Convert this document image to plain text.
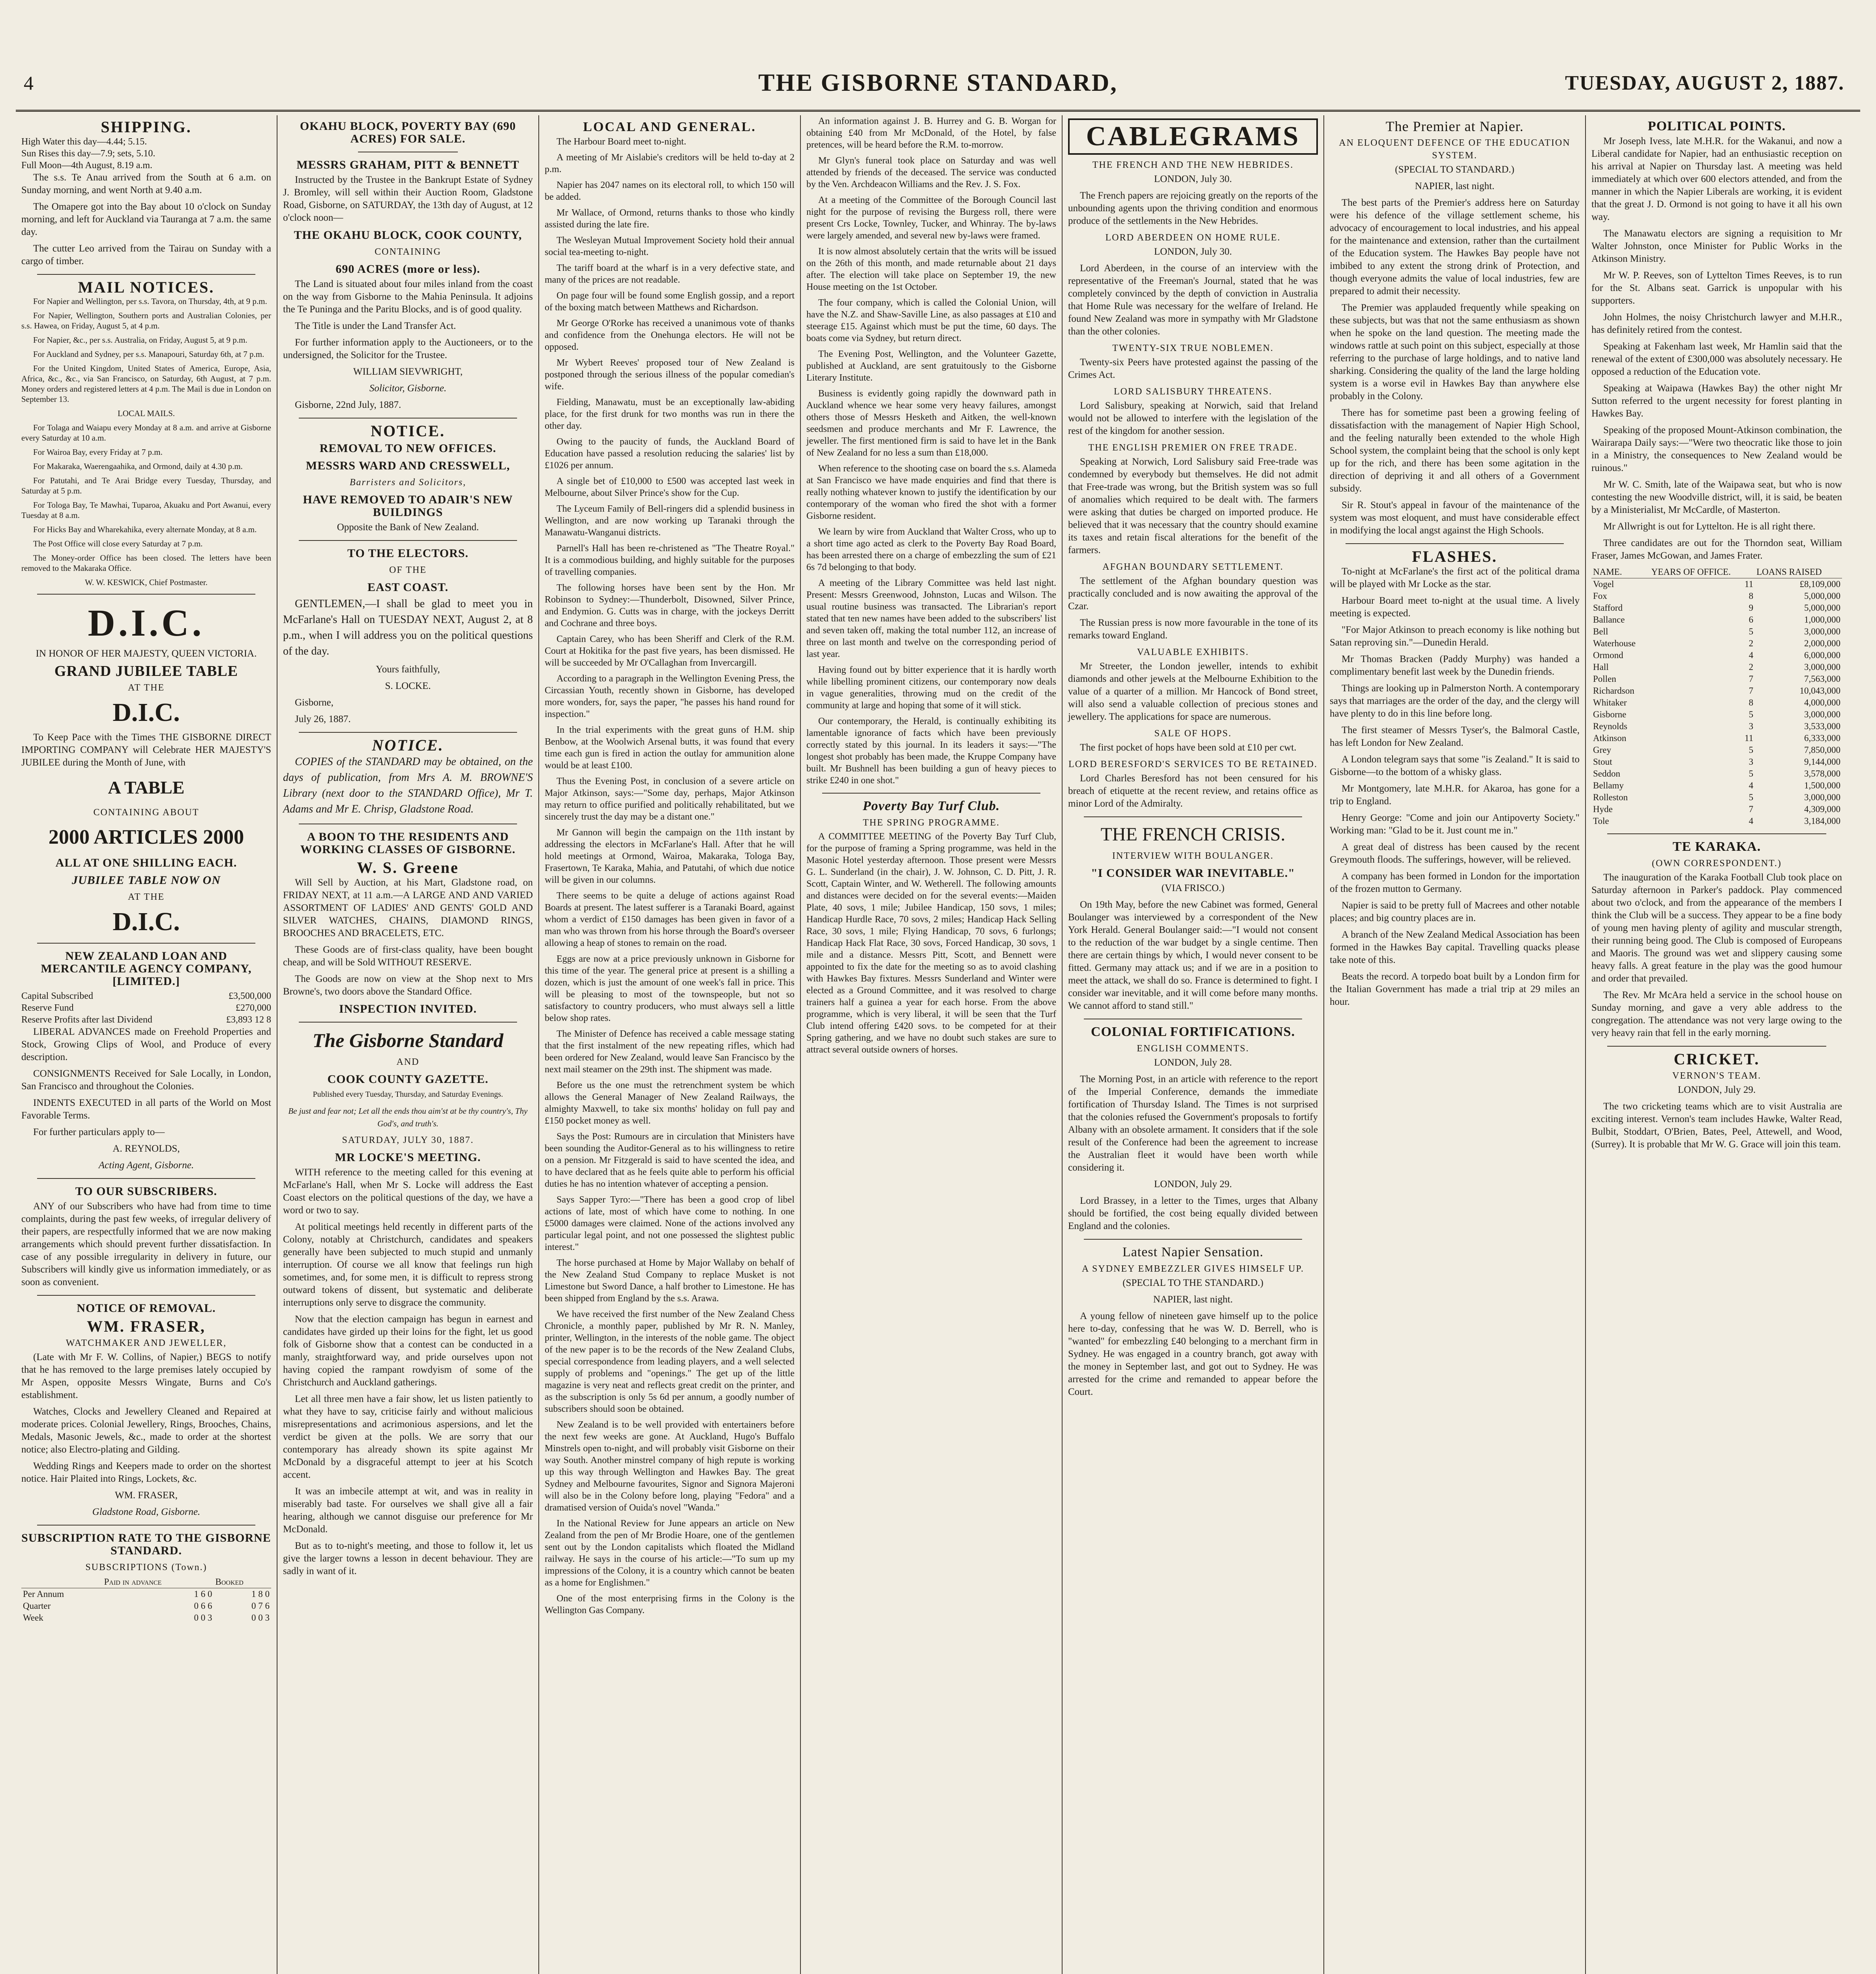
4	THE GISBORNE STANDARD,	TUESDAY, AUGUST 2, 1887.
SHIPPING.
High Water this day—4.44; 5.15.
Sun Rises this day—7.9; sets, 5.10.
Full Moon—4th August, 8.19 a.m.

The s.s. Te Anau arrived from the South at 6 a.m. on Sunday morning, and went North at 9.40 a.m.

The Omapere got into the Bay about 10 o'clock on Sunday morning, and left for Auckland via Tauranga at 7 a.m. the same day.

The cutter Leo arrived from the Tairau on Sunday with a cargo of timber.

MAIL NOTICES.

For Napier and Wellington, per s.s. Tavora, on Thursday, 4th, at 9 p.m.

For Napier, Wellington, Southern ports and Australian Colonies, per s.s. Hawea, on Friday, August 5, at 4 p.m.

For Napier, &c., per s.s. Australia, on Friday, August 5, at 9 p.m.

For Auckland and Sydney, per s.s. Manapouri, Saturday 6th, at 7 p.m.

For the United Kingdom, United States of America, Europe, Asia, Africa, &c., &c., via San Francisco, on Saturday, 6th August, at 7 p.m. Money orders and registered letters at 4 p.m. The Mail is due in London on September 13.

LOCAL MAILS.

For Tolaga and Waiapu every Monday at 8 a.m. and arrive at Gisborne every Saturday at 10 a.m.

For Wairoa Bay, every Friday at 7 p.m.

For Makaraka, Waerengaahika, and Ormond, daily at 4.30 p.m.

For Patutahi, and Te Arai Bridge every Tuesday, Thursday, and Saturday at 5 p.m.

For Tologa Bay, Te Mawhai, Tuparoa, Akuaku and Port Awanui, every Tuesday at 8 a.m.

For Hicks Bay and Wharekahika, every alternate Monday, at 8 a.m.

The Post Office will close every Saturday at 7 p.m.

The Money-order Office has been closed. The letters have been removed to the Makaraka Office.

W. W. KESWICK, Chief Postmaster.

D.I.C.

IN HONOR OF HER MAJESTY, QUEEN VICTORIA.

GRAND JUBILEE TABLE
AT THE
D.I.C.

To Keep Pace with the Times THE GISBORNE DIRECT IMPORTING COMPANY will Celebrate HER MAJESTY'S JUBILEE during the Month of June, with

A TABLE
CONTAINING ABOUT
2000 ARTICLES 2000
ALL AT ONE SHILLING EACH.
JUBILEE TABLE NOW ON
AT THE
D.I.C.
NEW ZEALAND LOAN AND MERCANTILE AGENCY COMPANY, [LIMITED.]
Capital Subscribed	£3,500,000
Reserve Fund	£270,000
Reserve Profits after last Dividend	£3,893 12 8

LIBERAL ADVANCES made on Freehold Properties and Stock, Growing Clips of Wool, and Produce of every description.

CONSIGNMENTS Received for Sale Locally, in London, San Francisco and throughout the Colonies.

INDENTS EXECUTED in all parts of the World on Most Favorable Terms.

For further particulars apply to—

A. REYNOLDS,

Acting Agent, Gisborne.

TO OUR SUBSCRIBERS.

ANY of our Subscribers who have had from time to time complaints, during the past few weeks, of irregular delivery of their papers, are respectfully informed that we are now making arrangements which should prevent further dissatisfaction. In case of any possible irregularity in delivery in future, our Subscribers will kindly give us information immediately, or as soon as convenient.

NOTICE OF REMOVAL.
WM. FRASER,
WATCHMAKER AND JEWELLER,

(Late with Mr F. W. Collins, of Napier,) BEGS to notify that he has removed to the large premises lately occupied by Mr Aspen, opposite Messrs Wingate, Burns and Co's establishment.

Watches, Clocks and Jewellery Cleaned and Repaired at moderate prices. Colonial Jewellery, Rings, Brooches, Chains, Medals, Masonic Jewels, &c., made to order at the shortest notice; also Electro-plating and Gilding.

Wedding Rings and Keepers made to order on the shortest notice. Hair Plaited into Rings, Lockets, &c.

WM. FRASER,

Gladstone Road, Gisborne.

SUBSCRIPTION RATE TO THE GISBORNE STANDARD.
SUBSCRIPTIONS (Town.)
	Paid in advance	Booked
Per Annum	1 6 0	1 8 0
Quarter	0 6 6	0 7 6
Week	0 0 3	0 0 3
OKAHU BLOCK, POVERTY BAY (690 ACRES) FOR SALE.
MESSRS GRAHAM, PITT & BENNETT

Instructed by the Trustee in the Bankrupt Estate of Sydney J. Bromley, will sell within their Auction Room, Gladstone Road, Gisborne, on SATURDAY, the 13th day of August, at 12 o'clock noon—

THE OKAHU BLOCK, COOK COUNTY,
CONTAINING
690 ACRES (more or less).

The Land is situated about four miles inland from the coast on the way from Gisborne to the Mahia Peninsula. It adjoins the Te Puninga and the Paritu Blocks, and is of good quality.

The Title is under the Land Transfer Act.

For further information apply to the Auctioneers, or to the undersigned, the Solicitor for the Trustee.

WILLIAM SIEVWRIGHT,

Solicitor, Gisborne.

Gisborne, 22nd July, 1887.

NOTICE.
REMOVAL TO NEW OFFICES.
MESSRS WARD AND CRESSWELL,
Barristers and Solicitors,
HAVE REMOVED TO ADAIR'S NEW BUILDINGS

Opposite the Bank of New Zealand.

TO THE ELECTORS.
OF THE
EAST COAST.

GENTLEMEN,—I shall be glad to meet you in McFarlane's Hall on TUESDAY NEXT, August 2, at 8 p.m., when I will address you on the political questions of the day.

Yours faithfully,

S. LOCKE.

Gisborne,

July 26, 1887.

NOTICE.

COPIES of the STANDARD may be obtained, on the days of publication, from Mrs A. M. BROWNE'S Library (next door to the STANDARD Office), Mr T. Adams and Mr E. Chrisp, Gladstone Road.

A BOON TO THE RESIDENTS AND WORKING CLASSES OF GISBORNE.
W. S. Greene

Will Sell by Auction, at his Mart, Gladstone road, on FRIDAY NEXT, at 11 a.m.—A LARGE AND AND VARIED ASSORTMENT OF LADIES' AND GENTS' GOLD AND SILVER WATCHES, CHAINS, DIAMOND RINGS, BROOCHES AND BRACELETS, ETC.

These Goods are of first-class quality, have been bought cheap, and will be Sold WITHOUT RESERVE.

The Goods are now on view at the Shop next to Mrs Browne's, two doors above the Standard Office.

INSPECTION INVITED.
The Gisborne Standard
AND
COOK COUNTY GAZETTE.

Published every Tuesday, Thursday, and Saturday Evenings.

Be just and fear not; Let all the ends thou aim'st at be thy country's, Thy God's, and truth's.

SATURDAY, JULY 30, 1887.
MR LOCKE'S MEETING.

WITH reference to the meeting called for this evening at McFarlane's Hall, when Mr S. Locke will address the East Coast electors on the political questions of the day, we have a word or two to say.

At political meetings held recently in different parts of the Colony, notably at Christchurch, candidates and speakers generally have been subjected to much stupid and unmanly interruption. Of course we all know that feelings run high sometimes, and, for some men, it is difficult to repress strong outward tokens of dissent, but systematic and deliberate interruptions only serve to disgrace the community.

Now that the election campaign has begun in earnest and candidates have girded up their loins for the fight, let us good folk of Gisborne show that a contest can be conducted in a manly, straightforward way, and pride ourselves upon not having copied the rampant rowdyism of some of the Christchurch and Auckland gatherings.

Let all three men have a fair show, let us listen patiently to what they have to say, criticise fairly and without malicious misrepresentations and acrimonious aspersions, and let the verdict be given at the polls. We are sorry that our contemporary has already shown its spite against Mr McDonald by a disgraceful attempt to jeer at his Scotch accent.

It was an imbecile attempt at wit, and was in reality in miserably bad taste. For ourselves we shall give all a fair hearing, although we cannot disguise our preference for Mr McDonald.

But as to to-night's meeting, and those to follow it, let us give the larger towns a lesson in decent behaviour. They are sadly in want of it.

LOCAL AND GENERAL.

The Harbour Board meet to-night.

A meeting of Mr Aislabie's creditors will be held to-day at 2 p.m.

Napier has 2047 names on its electoral roll, to which 150 will be added.

Mr Wallace, of Ormond, returns thanks to those who kindly assisted during the late fire.

The Wesleyan Mutual Improvement Society hold their annual social tea-meeting to-night.

The tariff board at the wharf is in a very defective state, and many of the prices are not readable.

On page four will be found some English gossip, and a report of the boxing match between Matthews and Richardson.

Mr George O'Rorke has received a unanimous vote of thanks and confidence from the Onehunga electors. He will not be opposed.

Mr Wybert Reeves' proposed tour of New Zealand is postponed through the serious illness of the popular comedian's wife.

Fielding, Manawatu, must be an exceptionally law-abiding place, for the first drunk for two months was run in there the other day.

Owing to the paucity of funds, the Auckland Board of Education have passed a resolution reducing the salaries' list by £1026 per annum.

A single bet of £10,000 to £500 was accepted last week in Melbourne, about Silver Prince's show for the Cup.

The Lyceum Family of Bell-ringers did a splendid business in Wellington, and are now working up Taranaki through the Manawatu-Wanganui districts.

Parnell's Hall has been re-christened as "The Theatre Royal." It is a commodious building, and highly suitable for the purposes of travelling companies.

The following horses have been sent by the Hon. Mr Robinson to Sydney:—Thunderbolt, Disowned, Silver Prince, and Endymion. G. Cutts was in charge, with the jockeys Derritt and Cochrane and three boys.

Captain Carey, who has been Sheriff and Clerk of the R.M. Court at Hokitika for the past five years, has been dismissed. He will be succeeded by Mr O'Callaghan from Invercargill.

According to a paragraph in the Wellington Evening Press, the Circassian Youth, recently shown in Gisborne, has developed more wonders, for, says the paper, "he passes his hand round for inspection."

In the trial experiments with the great guns of H.M. ship Benbow, at the Woolwich Arsenal butts, it was found that every time each gun is fired in action the outlay for ammunition alone would be at least £100.

Thus the Evening Post, in conclusion of a severe article on Major Atkinson, says:—"Some day, perhaps, Major Atkinson may return to office purified and politically rehabilitated, but we sincerely trust the day may be a distant one."

Mr Gannon will begin the campaign on the 11th instant by addressing the electors in McFarlane's Hall. After that he will hold meetings at Ormond, Wairoa, Makaraka, Tologa Bay, Frasertown, Te Karaka, Mahia, and Patutahi, of which due notice will be given in our columns.

There seems to be quite a deluge of actions against Road Boards at present. The latest sufferer is a Taranaki Board, against whom a verdict of £150 damages has been given in favor of a man who was thrown from his horse through the Board's overseer allowing a heap of stones to remain on the road.

Eggs are now at a price previously unknown in Gisborne for this time of the year. The general price at present is a shilling a dozen, which is just the amount of one week's fall in price. This will be pleasing to most of the townspeople, but not so satisfactory to country producers, who must always sell a little below shop rates.

The Minister of Defence has received a cable message stating that the first instalment of the new repeating rifles, which had been ordered for New Zealand, would leave San Francisco by the next mail steamer on the 29th inst. The shipment was made.

Before us the one must the retrenchment system be which allows the General Manager of New Zealand Railways, the almighty Maxwell, to take six months' holiday on full pay and £150 pocket money as well.

Says the Post: Rumours are in circulation that Ministers have been sounding the Auditor-General as to his willingness to retire on a pension. Mr Fitzgerald is said to have scented the idea, and to have declared that as he feels quite able to perform his official duties he has no intention whatever of accepting a pension.

Says Sapper Tyro:—"There has been a good crop of libel actions of late, most of which have come to nothing. In one £5000 damages were claimed. None of the actions involved any particular legal point, and not one possessed the slightest public interest."

The horse purchased at Home by Major Wallaby on behalf of the New Zealand Stud Company to replace Musket is not Limestone but Sword Dance, a half brother to Limestone. He has been shipped from England by the s.s. Arawa.

We have received the first number of the New Zealand Chess Chronicle, a monthly paper, published by Mr R. N. Manley, printer, Wellington, in the interests of the noble game. The object of the new paper is to be the records of the New Zealand Clubs, special correspondence from leading players, and a well selected supply of problems and "openings." The get up of the little magazine is very neat and reflects great credit on the printer, and as the subscription is only 5s 6d per annum, a goodly number of subscribers should soon be obtained.

New Zealand is to be well provided with entertainers before the next few weeks are gone. At Auckland, Hugo's Buffalo Minstrels open to-night, and will probably visit Gisborne on their way South. Another minstrel company of high repute is working up this way through Wellington and Hawkes Bay. The great Sydney and Melbourne favourites, Signor and Signora Majeroni will also be in the Colony before long, playing "Fedora" and a dramatised version of Ouida's novel "Wanda."

In the National Review for June appears an article on New Zealand from the pen of Mr Brodie Hoare, one of the gentlemen sent out by the London capitalists which floated the Midland railway. He says in the course of his article:—"To sum up my impressions of the Colony, it is a country which cannot be beaten as a home for Englishmen."

One of the most enterprising firms in the Colony is the Wellington Gas Company.

An information against J. B. Hurrey and G. B. Worgan for obtaining £40 from Mr McDonald, of the Hotel, by false pretences, will be heard before the R.M. to-morrow.

Mr Glyn's funeral took place on Saturday and was well attended by friends of the deceased. The service was conducted by the Ven. Archdeacon Williams and the Rev. J. S. Fox.

At a meeting of the Committee of the Borough Council last night for the purpose of revising the Burgess roll, there were present Crs Locke, Townley, Tucker, and Whinray. The by-laws were largely amended, and several new by-laws were framed.

It is now almost absolutely certain that the writs will be issued on the 26th of this month, and made returnable about 21 days after. The election will take place on September 19, the new House meeting on the 1st October.

The four company, which is called the Colonial Union, will have the N.Z. and Shaw-Saville Line, as also passages at £10 and steerage £15. Against which must be put the time, 60 days. The boats come via Sydney, but return direct.

The Evening Post, Wellington, and the Volunteer Gazette, published at Auckland, are sent gratuitously to the Gisborne Literary Institute.

Business is evidently going rapidly the downward path in Auckland whence we hear some very heavy failures, amongst others those of Messrs Hesketh and Aitken, the well-known seedsmen and produce merchants and Mr F. Lawrence, the jeweller. The first mentioned firm is said to have let in the Bank of New Zealand for no less a sum than £18,000.

When reference to the shooting case on board the s.s. Alameda at San Francisco we have made enquiries and find that there is really nothing whatever known to justify the identification by our contemporary of the woman who fired the shot with a former Gisborne resident.

We learn by wire from Auckland that Walter Cross, who up to a short time ago acted as clerk to the Poverty Bay Road Board, has been arrested there on a charge of embezzling the sum of £21 6s 7d belonging to that body.

A meeting of the Library Committee was held last night. Present: Messrs Greenwood, Johnston, Lucas and Wilson. The usual routine business was transacted. The Librarian's report stated that ten new names have been added to the subscribers' list and seven taken off, making the total number 112, an increase of three on last month and twelve on the corresponding period of last year.

Having found out by bitter experience that it is hardly worth while libelling prominent citizens, our contemporary now deals in vague generalities, throwing mud on the credit of the community at large and hoping that some of it will stick.

Our contemporary, the Herald, is continually exhibiting its lamentable ignorance of facts which have been previously correctly stated by this journal. In its leaders it says:—"The longest shot probably has been made, the Kruppe Company have built. Mr Bushnell has been building a gun of heavy pieces to strike £240 in one shot."

Poverty Bay Turf Club.
THE SPRING PROGRAMME.

A COMMITTEE MEETING of the Poverty Bay Turf Club, for the purpose of framing a Spring programme, was held in the Masonic Hotel yesterday afternoon. Those present were Messrs G. L. Sunderland (in the chair), J. W. Johnson, C. D. Pitt, J. R. Scott, Captain Winter, and W. Wetherell. The following amounts and distances were decided on for the several events:—Maiden Plate, 40 sovs, 1 mile; Jubilee Handicap, 150 sovs, 1 miles; Handicap Hurdle Race, 70 sovs, 2 miles; Handicap Hack Selling Race, 30 sovs, 1 mile; Flying Handicap, 70 sovs, 6 furlongs; Handicap Hack Flat Race, 30 sovs, Forced Handicap, 30 sovs, 1 mile and a distance. Messrs Pitt, Scott, and Bennett were appointed to fix the date for the meeting so as to avoid clashing with Hawkes Bay fixtures. Messrs Sunderland and Winter were elected as a Ground Committee, and it was resolved to charge trainers half a guinea a year for each horse. From the above programme, which is very liberal, it will be seen that the Turf Club intend offering £420 sovs. to be competed for at their Spring gathering, and we have no doubt such stakes are sure to attract several outside owners of horses.

CABLEGRAMS
THE FRENCH AND THE NEW HEBRIDES.

LONDON, July 30.

The French papers are rejoicing greatly on the reports of the unbounding agents upon the thriving condition and enormous produce of the settlements in the New Hebrides.

LORD ABERDEEN ON HOME RULE.

LONDON, July 30.

Lord Aberdeen, in the course of an interview with the representative of the Freeman's Journal, stated that he was completely convinced by the depth of conviction in Australia that Home Rule was necessary for the welfare of Ireland. He found New Zealand was more in sympathy with Mr Gladstone than the other colonies.

TWENTY-SIX TRUE NOBLEMEN.

Twenty-six Peers have protested against the passing of the Crimes Act.

LORD SALISBURY THREATENS.

Lord Salisbury, speaking at Norwich, said that Ireland would not be allowed to interfere with the legislation of the rest of the kingdom for another session.

THE ENGLISH PREMIER ON FREE TRADE.

Speaking at Norwich, Lord Salisbury said Free-trade was condemned by everybody but themselves. He did not admit that Free-trade was wrong, but the British system was so full of anomalies which required to be dealt with. The farmers were asking that duties be charged on imported produce. He believed that it was necessary that the country should examine its taxes and retain fiscal alterations for the benefit of the farmers.

AFGHAN BOUNDARY SETTLEMENT.

The settlement of the Afghan boundary question was practically concluded and is now awaiting the approval of the Czar.

The Russian press is now more favourable in the tone of its remarks toward England.

VALUABLE EXHIBITS.

Mr Streeter, the London jeweller, intends to exhibit diamonds and other jewels at the Melbourne Exhibition to the value of a quarter of a million. Mr Hancock of Bond street, will also send a valuable collection of precious stones and jewellery. The applications for space are numerous.

SALE OF HOPS.

The first pocket of hops have been sold at £10 per cwt.

LORD BERESFORD'S SERVICES TO BE RETAINED.

Lord Charles Beresford has not been censured for his breach of etiquette at the recent review, and retains office as minor Lord of the Admiralty.

THE FRENCH CRISIS.
INTERVIEW WITH BOULANGER.
"I CONSIDER WAR INEVITABLE."

(VIA FRISCO.)

On 19th May, before the new Cabinet was formed, General Boulanger was interviewed by a correspondent of the New York Herald. General Boulanger said:—"I would not consent to the reduction of the war budget by a single centime. Then there are certain things by which, I would never consent to be fitted. Germany may attack us; and if we are in a position to meet the attack, we shall do so. France is determined to fight. I consider war inevitable, and it will come before many months. We cannot afford to stand still."

COLONIAL FORTIFICATIONS.
ENGLISH COMMENTS.

LONDON, July 28.

The Morning Post, in an article with reference to the report of the Imperial Conference, demands the immediate fortification of Thursday Island. The Times is not surprised that the colonies refused the Government's proposals to fortify Albany with an obsolete armament. It considers that if the sole result of the Conference had been the agreement to increase the Australian fleet it would have been worth while considering it.

LONDON, July 29.

Lord Brassey, in a letter to the Times, urges that Albany should be fortified, the cost being equally divided between England and the colonies.

Latest Napier Sensation.
A SYDNEY EMBEZZLER GIVES HIMSELF UP.

(SPECIAL TO THE STANDARD.)

NAPIER, last night.

A young fellow of nineteen gave himself up to the police here to-day, confessing that he was W. D. Berrell, who is "wanted" for embezzling £40 belonging to a merchant firm in Sydney. He was engaged in a country branch, got away with the money in September last, and got out to Sydney. He was arrested for the crime and remanded to appear before the Court.

The Premier at Napier.
AN ELOQUENT DEFENCE OF THE EDUCATION SYSTEM.

(SPECIAL TO STANDARD.)

NAPIER, last night.

The best parts of the Premier's address here on Saturday were his defence of the village settlement scheme, his advocacy of encouragement to local industries, and his appeal for the maintenance and extension, rather than the curtailment of the Education system. The Hawkes Bay people have not imbibed to any extent the strong drink of Protection, and though everyone admits the value of local industries, few are prepared to admit their necessity.

The Premier was applauded frequently while speaking on these subjects, but was that not the same enthusiasm as shown when he spoke on the land question. The meeting made the windows rattle at such point on this subject, especially at those referring to the purchase of large holdings, and to native land sharking. Considering the quality of the land the large holding system is a worse evil in Hawkes Bay than anywhere else probably in the Colony.

There has for sometime past been a growing feeling of dissatisfaction with the management of Napier High School, and the feeling naturally been extended to the whole High School system, the complaint being that the school is only kept up for the rich, and there has been some agitation in the direction of depriving it and all others of a Government subsidy.

Sir R. Stout's appeal in favour of the maintenance of the system was most eloquent, and must have considerable effect in modifying the local angst against the High Schools.

FLASHES.

To-night at McFarlane's the first act of the political drama will be played with Mr Locke as the star.

Harbour Board meet to-night at the usual time. A lively meeting is expected.

"For Major Atkinson to preach economy is like nothing but Satan reproving sin."—Dunedin Herald.

Mr Thomas Bracken (Paddy Murphy) was handed a complimentary benefit last week by the Dunedin friends.

Things are looking up in Palmerston North. A contemporary says that marriages are the order of the day, and the clergy will have plenty to do in this line before long.

The first steamer of Messrs Tyser's, the Balmoral Castle, has left London for New Zealand.

A London telegram says that some "is Zealand." It is said to Gisborne—to the bottom of a whisky glass.

Mr Montgomery, late M.H.R. for Akaroa, has gone for a trip to England.

Henry George: "Come and join our Antipoverty Society." Working man: "Glad to be it. Just count me in."

A great deal of distress has been caused by the recent Greymouth floods. The sufferings, however, will be relieved.

A company has been formed in London for the importation of the frozen mutton to Germany.

Napier is said to be pretty full of Macrees and other notable places; and big country places are in.

A branch of the New Zealand Medical Association has been formed in the Hawkes Bay capital. Travelling quacks please take note of this.

Beats the record. A torpedo boat built by a London firm for the Italian Government has made a trial trip at 29 miles an hour.

POLITICAL POINTS.

Mr Joseph Ivess, late M.H.R. for the Wakanui, and now a Liberal candidate for Napier, had an enthusiastic reception on his arrival at Napier on Thursday last. A meeting was held immediately at which over 600 electors attended, and from the manner in which the Napier Liberals are working, it is evident that the great J. D. Ormond is not going to have it all his own way.

The Manawatu electors are signing a requisition to Mr Walter Johnston, once Minister for Public Works in the Atkinson Ministry.

Mr W. P. Reeves, son of Lyttelton Times Reeves, is to run for the St. Albans seat. Garrick is unpopular with his supporters.

John Holmes, the noisy Christchurch lawyer and M.H.R., has definitely retired from the contest.

Speaking at Fakenham last week, Mr Hamlin said that the renewal of the extent of £300,000 was absolutely necessary. He opposed a reduction of the Education vote.

Speaking at Waipawa (Hawkes Bay) the other night Mr Sutton referred to the urgent necessity for forest planting in Hawkes Bay.

Speaking of the proposed Mount-Atkinson combination, the Wairarapa Daily says:—"Were two theocratic like those to join in a Ministry, the consequences to New Zealand would be ruinous."

Mr W. C. Smith, late of the Waipawa seat, but who is now contesting the new Woodville district, will, it is said, be beaten by a Ministerialist, Mr McCardle, of Masterton.

Mr Allwright is out for Lyttelton. He is all right there.

Three candidates are out for the Thorndon seat, William Fraser, James McGowan, and James Frater.

NAME.	YEARS OF OFFICE.	LOANS RAISED
Vogel	11	£8,109,000
Fox	8	5,000,000
Stafford	9	5,000,000
Ballance	6	1,000,000
Bell	5	3,000,000
Waterhouse	2	2,000,000
Ormond	4	6,000,000
Hall	2	3,000,000
Pollen	7	7,563,000
Richardson	7	10,043,000
Whitaker	8	4,000,000
Gisborne	5	3,000,000
Reynolds	3	3,533,000
Atkinson	11	6,333,000
Grey	5	7,850,000
Stout	3	9,144,000
Seddon	5	3,578,000
Bellamy	4	1,500,000
Rolleston	5	3,000,000
Hyde	7	4,309,000
Tole	4	3,184,000
TE KARAKA.
(OWN CORRESPONDENT.)

The inauguration of the Karaka Football Club took place on Saturday afternoon in Parker's paddock. Play commenced about two o'clock, and from the appearance of the members I think the Club will be a success. They appear to be a fine body of young men having plenty of agility and muscular strength, their running being good. The Club is composed of Europeans and Maoris. The ground was wet and slippery causing some heavy falls. A great feature in the play was the good humour and order that prevailed.

The Rev. Mr McAra held a service in the school house on Sunday morning, and gave a very able address to the congregation. The attendance was not very large owing to the very heavy rain that fell in the early morning.

CRICKET.
VERNON'S TEAM.

LONDON, July 29.

The two cricketing teams which are to visit Australia are exciting interest. Vernon's team includes Hawke, Walter Read, Bulbit, Stoddart, O'Brien, Bates, Peel, Attewell, and Wood, (Surrey). It is probable that Mr W. G. Grace will join this team.
